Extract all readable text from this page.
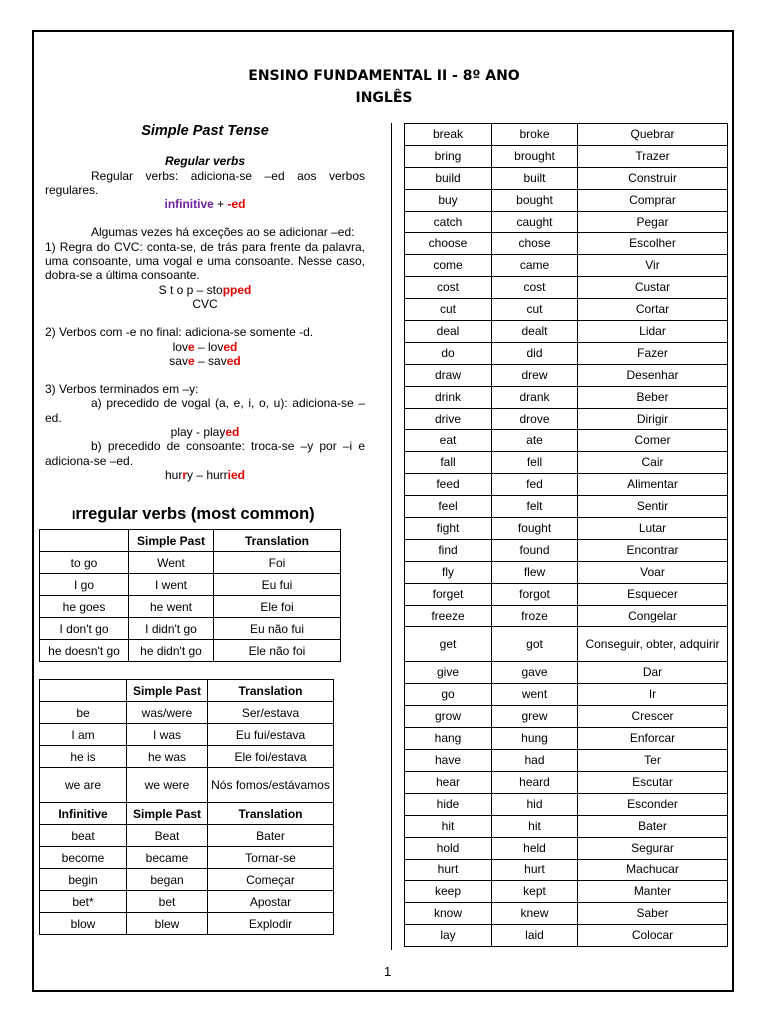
ENSINO FUNDAMENTAL II - 8º ANO
INGLÊS
Simple Past Tense
Regular verbs
Regular verbs: adiciona-se –ed aos verbos regulares.
infinitive + -ed
Algumas vezes há exceções ao se adicionar –ed:
1) Regra do CVC: conta-se, de trás para frente da palavra, uma consoante, uma vogal e uma consoante. Nesse caso, dobra-se a última consoante.
S t o p – stopped
CVC
2) Verbos com -e no final: adiciona-se somente -d.
love – loved
save – saved
3) Verbos terminados em –y:
a) precedido de vogal (a, e, i, o, u): adiciona-se –ed.
play - played
b) precedido de consoante: troca-se –y por –i e adiciona-se –ed.
hurry – hurried
Irregular verbs (most common)
	Simple Past	Translation
to go	Went	Foi
I go	I went	Eu fui
he goes	he went	Ele foi
I don't go	I didn't go	Eu não fui
he doesn't go	he didn't go	Ele não foi
	Simple Past	Translation
be	was/were	Ser/estava
I am	I was	Eu fui/estava
he is	he was	Ele foi/estava
we are	we were	Nós fomos/estávamos
Infinitive	Simple Past	Translation
beat	Beat	Bater
become	became	Tornar-se
begin	began	Começar
bet*	bet	Apostar
blow	blew	Explodir
break	broke	Quebrar
bring	brought	Trazer
build	built	Construir
buy	bought	Comprar
catch	caught	Pegar
choose	chose	Escolher
come	came	Vir
cost	cost	Custar
cut	cut	Cortar
deal	dealt	Lidar
do	did	Fazer
draw	drew	Desenhar
drink	drank	Beber
drive	drove	Dirigir
eat	ate	Comer
fall	fell	Cair
feed	fed	Alimentar
feel	felt	Sentir
fight	fought	Lutar
find	found	Encontrar
fly	flew	Voar
forget	forgot	Esquecer
freeze	froze	Congelar
get	got	Conseguir, obter, adquirir
give	gave	Dar
go	went	Ir
grow	grew	Crescer
hang	hung	Enforcar
have	had	Ter
hear	heard	Escutar
hide	hid	Esconder
hit	hit	Bater
hold	held	Segurar
hurt	hurt	Machucar
keep	kept	Manter
know	knew	Saber
lay	laid	Colocar
1
